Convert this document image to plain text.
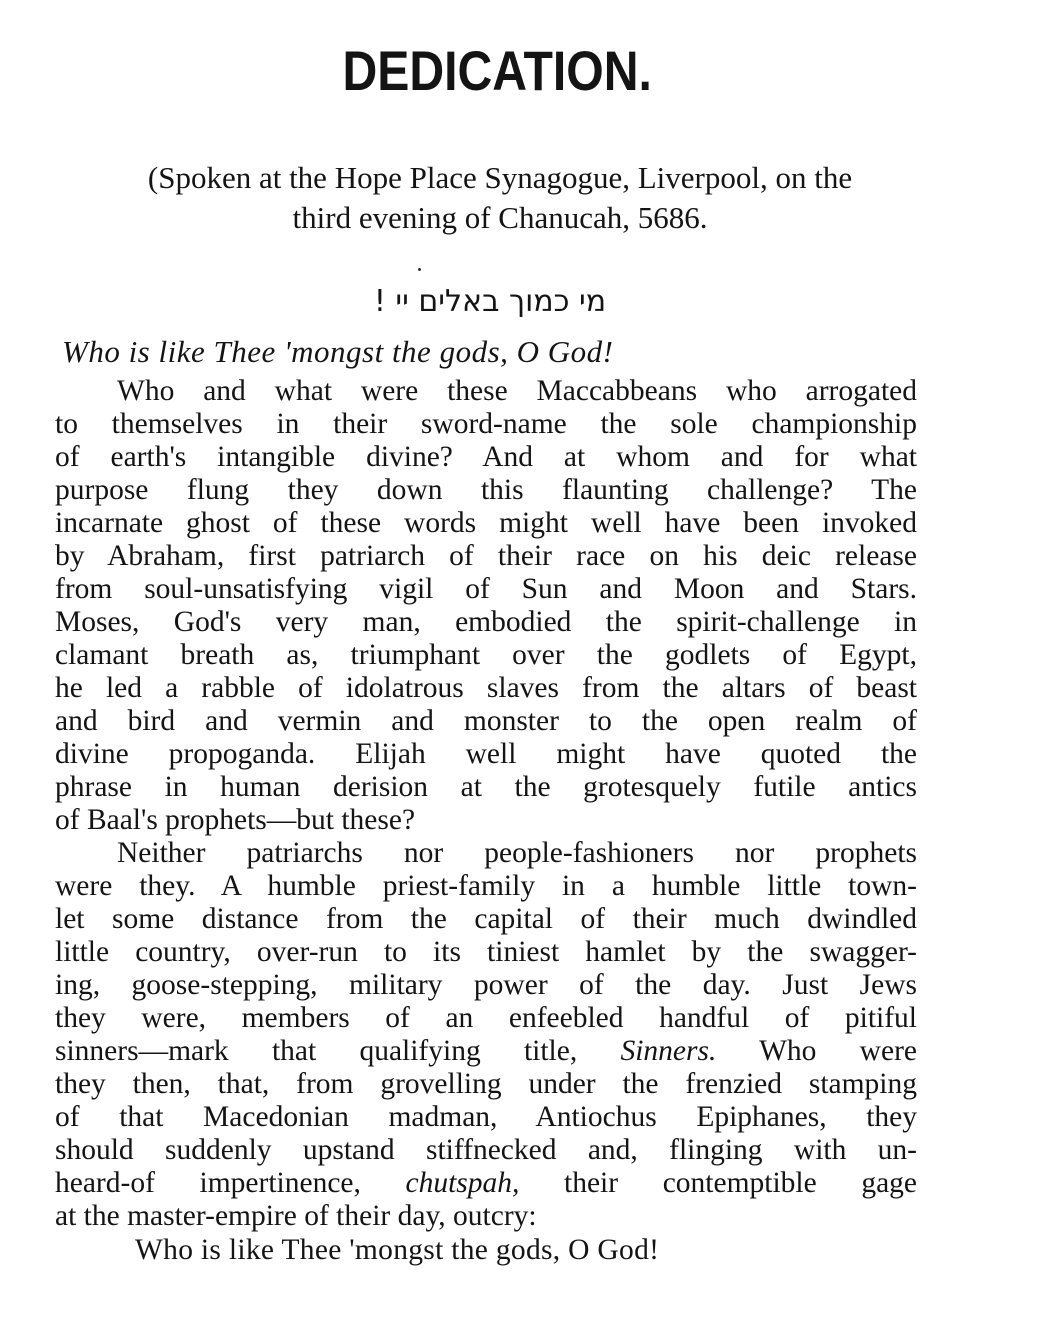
DEDICATION.
(Spoken at the Hope Place Synagogue, Liverpool, on the
third evening of Chanucah, 5686.

מי כמוך באלים יי !

Who is like Thee 'mongst the gods, O God!

Who and what were these Maccabbeans who arrogated
to themselves in their sword-name the sole championship
of earth's intangible divine? And at whom and for what
purpose flung they down this flaunting challenge? The
incarnate ghost of these words might well have been invoked
by Abraham, first patriarch of their race on his deic release
from soul-unsatisfying vigil of Sun and Moon and Stars.
Moses, God's very man, embodied the spirit-challenge in
clamant breath as, triumphant over the godlets of Egypt,
he led a rabble of idolatrous slaves from the altars of beast
and bird and vermin and monster to the open realm of
divine propoganda. Elijah well might have quoted the
phrase in human derision at the grotesquely futile antics
of Baal's prophets—but these?
Neither patriarchs nor people-fashioners nor prophets
were they. A humble priest-family in a humble little town-
let some distance from the capital of their much dwindled
little country, over-run to its tiniest hamlet by the swagger-
ing, goose-stepping, military power of the day. Just Jews
they were, members of an enfeebled handful of pitiful
sinners—mark that qualifying title, Sinners. Who were
they then, that, from grovelling under the frenzied stamping
of that Macedonian madman, Antiochus Epiphanes, they
should suddenly upstand stiffnecked and, flinging with un-
heard-of impertinence, chutspah, their contemptible gage
at the master-empire of their day, outcry:

Who is like Thee 'mongst the gods, O God!
